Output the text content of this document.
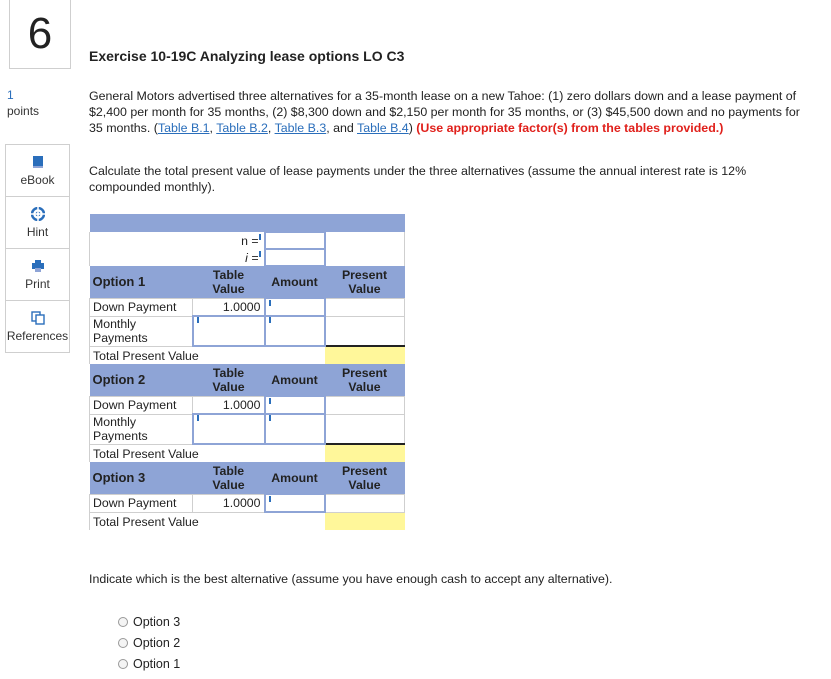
6
1
points
eBook
Hint
Print
References
Exercise 10-19C Analyzing lease options LO C3
General Motors advertised three alternatives for a 35-month lease on a new Tahoe: (1) zero dollars down and a lease payment of $2,400 per month for 35 months, (2) $8,300 down and $2,150 per month for 35 months, or (3) $45,500 down and no payments for 35 months. (Table B.1, Table B.2, Table B.3, and Table B.4) (Use appropriate factor(s) from the tables provided.)
Calculate the total present value of lease payments under the three alternatives (assume the annual interest rate is 12% compounded monthly).

n =			
i =			
Option 1	Table Value	Amount	Present Value
Down Payment	1.0000		
Monthly Payments			
Total Present Value			
Option 2	Table Value	Amount	Present Value
Down Payment	1.0000		
Monthly Payments			
Total Present Value			
Option 3	Table Value	Amount	Present Value
Down Payment	1.0000		
Total Present Value			
Indicate which is the best alternative (assume you have enough cash to accept any alternative).
Option 3
Option 2
Option 1
